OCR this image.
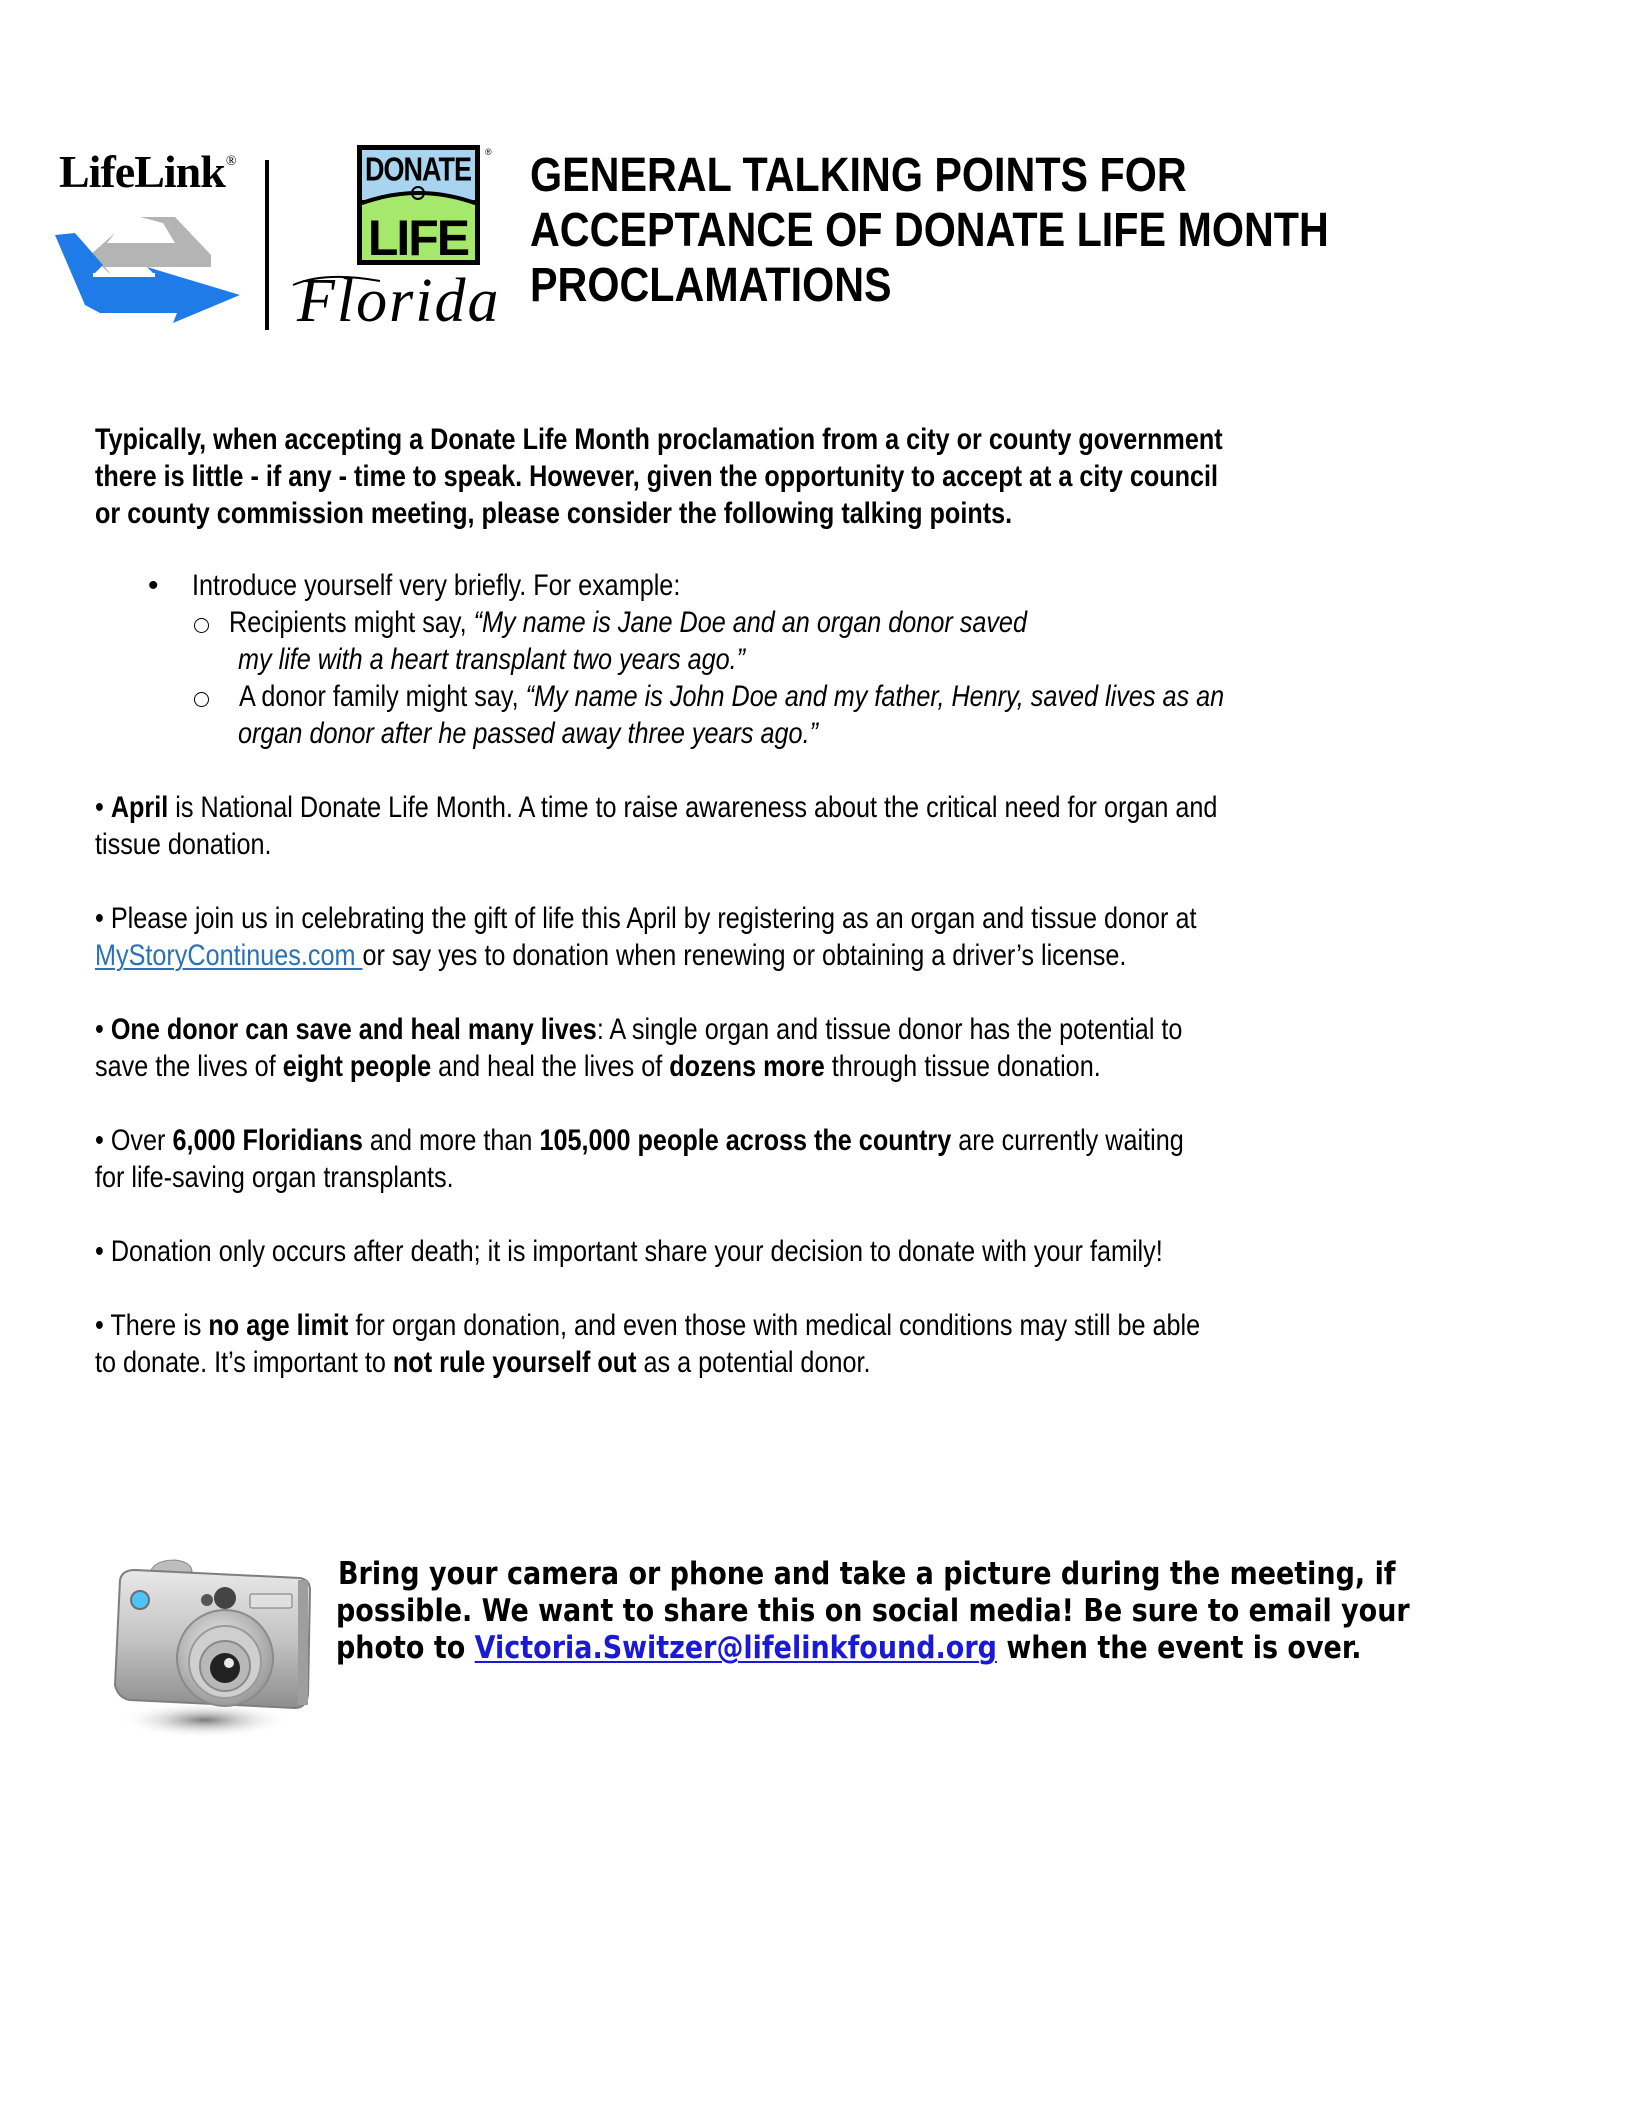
LifeLink®	DONATE
LIFE
®
Florida
GENERAL TALKING POINTS FOR
ACCEPTANCE OF DONATE LIFE MONTH
PROCLAMATIONS
Typically, when accepting a Donate Life Month proclamation from a city or county government
there is little - if any - time to speak. However, given the opportunity to accept at a city council
or county commission meeting, please consider the following talking points.
• Introduce yourself very briefly. For example:
Recipients might say, “My name is Jane Doe and an organ donor saved
my life with a heart transplant two years ago.”
A donor family might say, “My name is John Doe and my father, Henry, saved lives as an
organ donor after he passed away three years ago.”
• April is National Donate Life Month. A time to raise awareness about the critical need for organ and
tissue donation.
• Please join us in celebrating the gift of life this April by registering as an organ and tissue donor at
MyStoryContinues.com or say yes to donation when renewing or obtaining a driver’s license.
• One donor can save and heal many lives: A single organ and tissue donor has the potential to
save the lives of eight people and heal the lives of dozens more through tissue donation.
• Over 6,000 Floridians and more than 105,000 people across the country are currently waiting
for life-saving organ transplants.
• Donation only occurs after death; it is important share your decision to donate with your family!
• There is no age limit for organ donation, and even those with medical conditions may still be able
to donate. It’s important to not rule yourself out as a potential donor.
Bring your camera or phone and take a picture during the meeting, if
possible. We want to share this on social media! Be sure to email your
photo to Victoria.Switzer@lifelinkfound.org when the event is over.
